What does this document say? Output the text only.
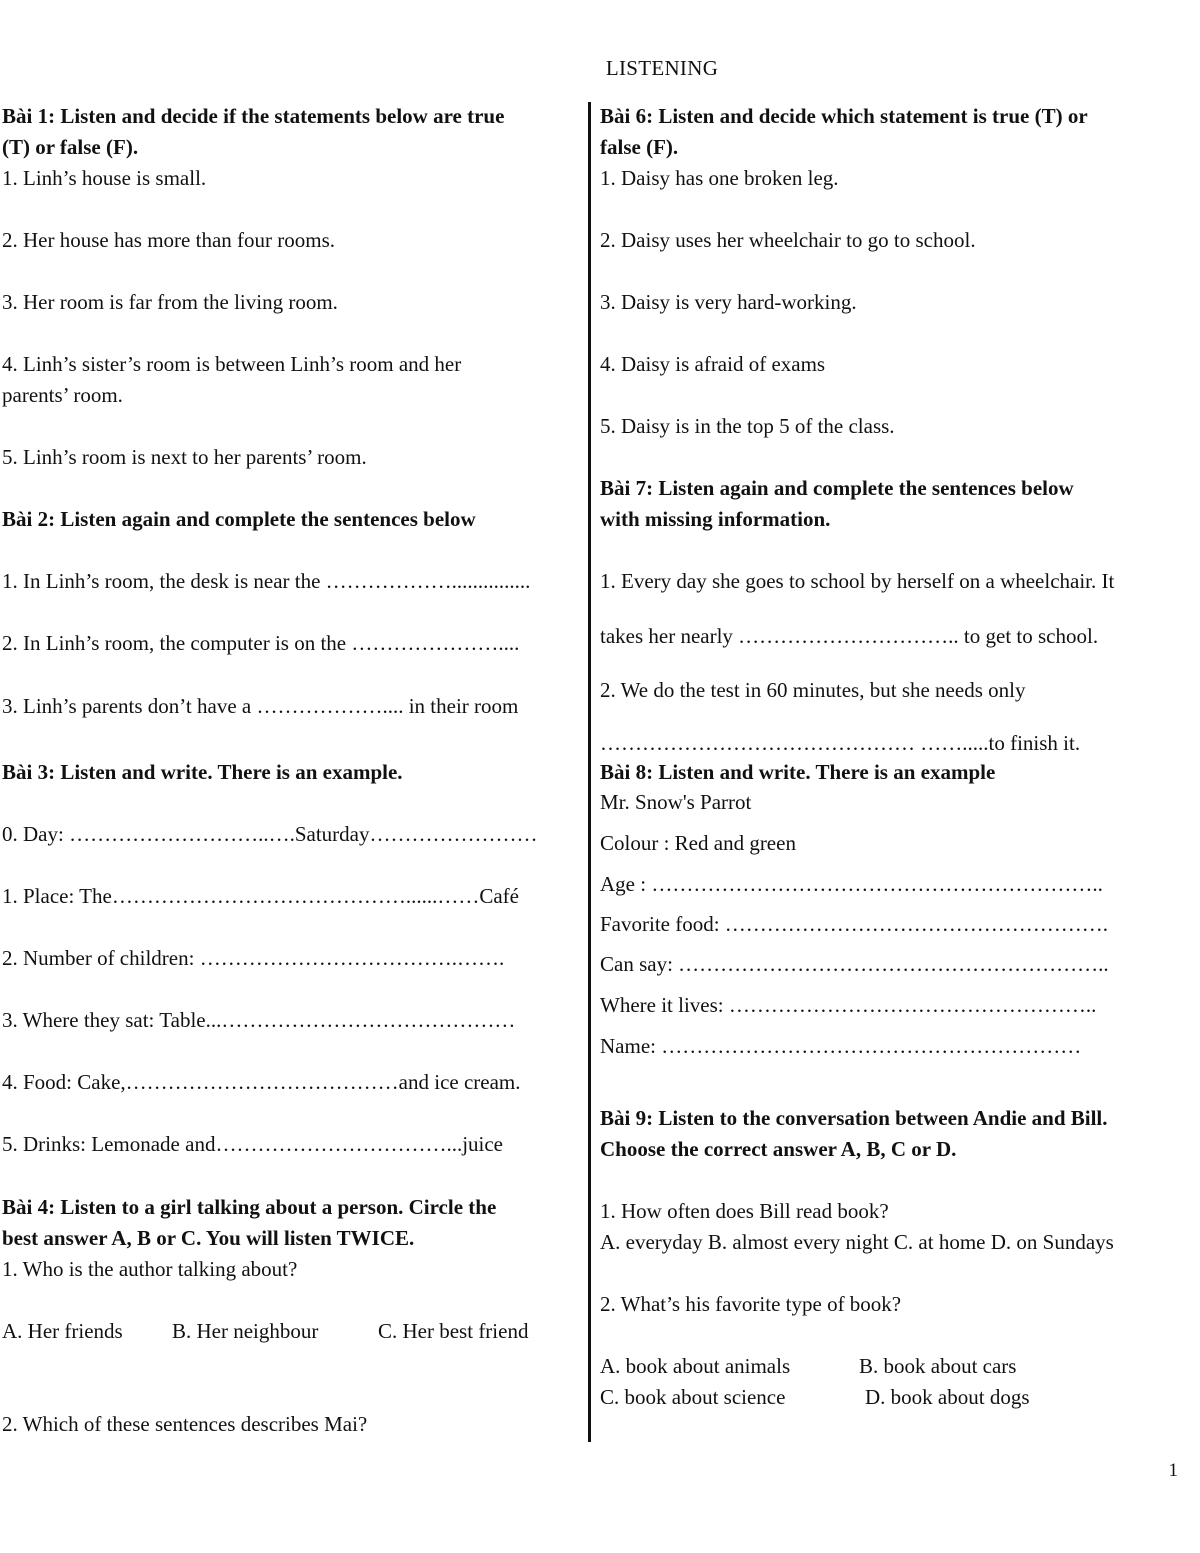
LISTENING
Bài 1: Listen and decide if the statements below are true
(T) or false (F).
1. Linh’s house is small.
2. Her house has more than four rooms.
3. Her room is far from the living room.
4. Linh’s sister’s room is between Linh’s room and her
parents’ room.
5. Linh’s room is next to her parents’ room.
Bài 2: Listen again and complete the sentences below
1. In Linh’s room, the desk is near the ………………...............
2. In Linh’s room, the computer is on the …………………....
3. Linh’s parents don’t have a ……………….... in their room
Bài 3: Listen and write. There is an example.
0. Day: ………………………..….Saturday……………………
1. Place: The……………………………………......……Café
2. Number of children: ……………………………….…….
3. Where they sat: Table...……………………………………
4. Food: Cake,…………………………………and ice cream.
5. Drinks: Lemonade and……………………………...juice
Bài 4: Listen to a girl talking about a person. Circle the
best answer A, B or C. You will listen TWICE.
1. Who is the author talking about?
A. Her friends B. Her neighbour	C. Her best friend
2. Which of these sentences describes Mai?
Bài 6: Listen and decide which statement is true (T) or
false (F).
1. Daisy has one broken leg.
2. Daisy uses her wheelchair to go to school.
3. Daisy is very hard-working.
4. Daisy is afraid of exams
5. Daisy is in the top 5 of the class.
Bài 7: Listen again and complete the sentences below
with missing information.
1. Every day she goes to school by herself on a wheelchair. It
takes her nearly ………………………….. to get to school.
2. We do the test in 60 minutes, but she needs only
……………………………………… …….....to finish it.
Bài 8: Listen and write. There is an example
Mr. Snow's Parrot
Colour : Red and green
Age : ………………………………………………………..
Favorite food: ……………………………………………….
Can say: ……………………………………………………..
Where it lives: ……………………………………………..
Name: ……………………………………………………
Bài 9: Listen to the conversation between Andie and Bill.
Choose the correct answer A, B, C or D.
1. How often does Bill read book?
A. everyday B. almost every night C. at home D. on Sundays
2. What’s his favorite type of book?
A. book about animals	B. book about cars
C. book about science	D. book about dogs
1
